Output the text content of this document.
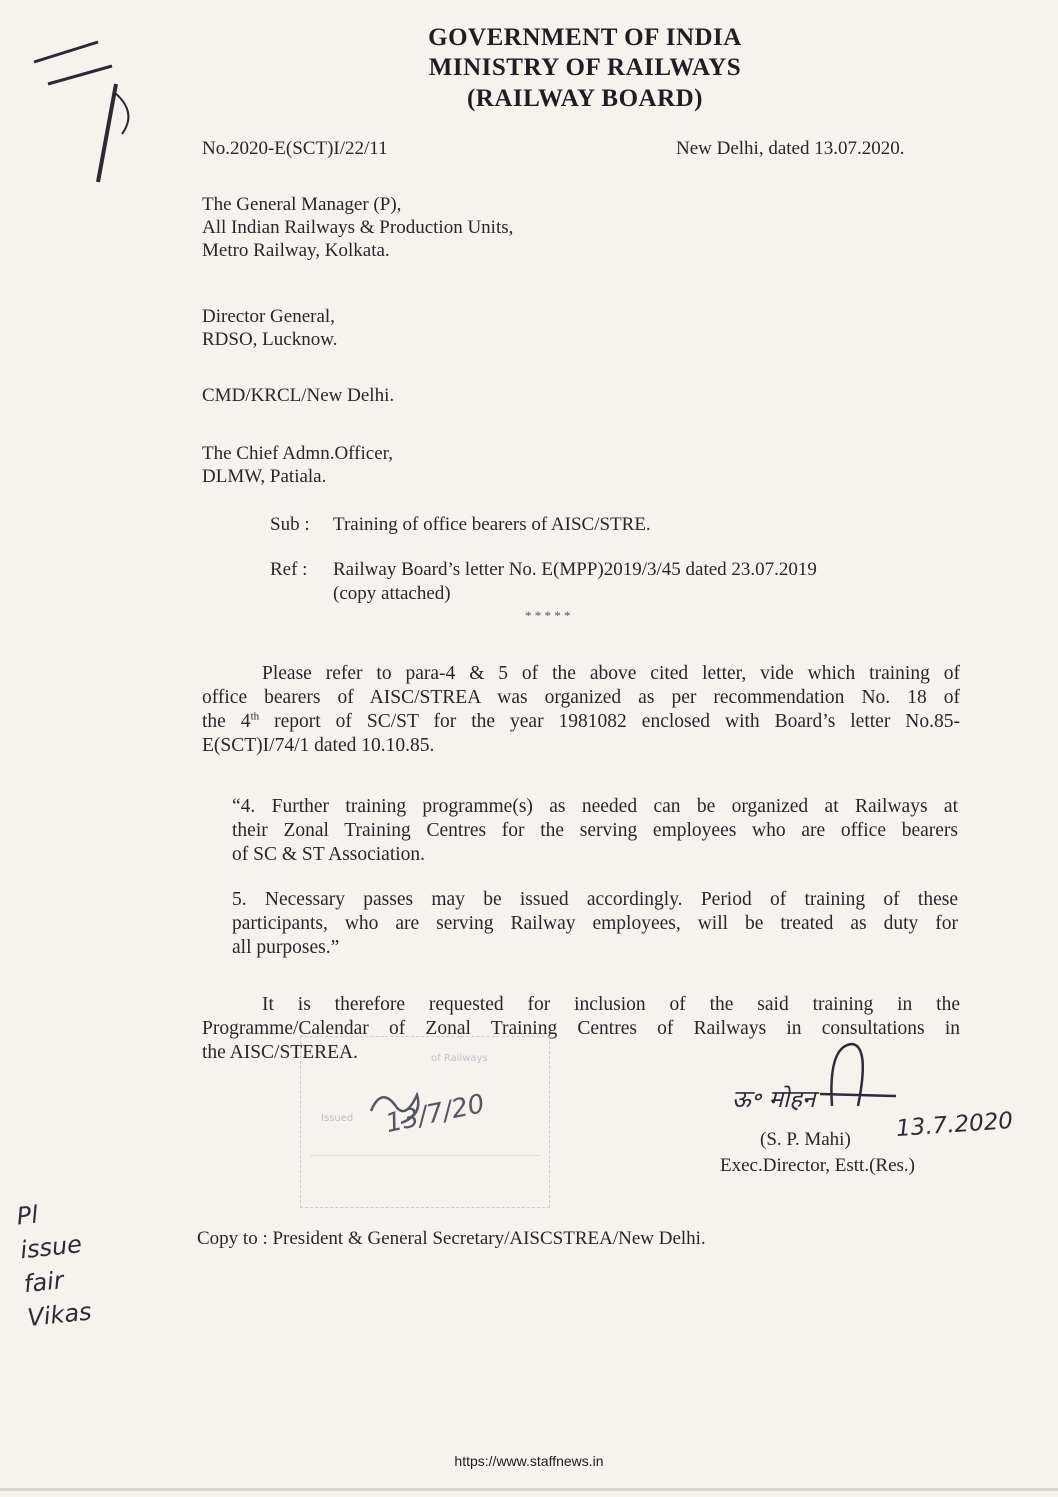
GOVERNMENT OF INDIA
MINISTRY OF RAILWAYS
(RAILWAY BOARD)
No.2020-E(SCT)I/22/11	New Delhi, dated 13.07.2020.
The General Manager (P),
All Indian Railways & Production Units,
Metro Railway, Kolkata.
Director General,
RDSO, Lucknow.
CMD/KRCL/New Delhi.
The Chief Admn.Officer,
DLMW, Patiala.
Sub : Training of office bearers of AISC/STRE.
Ref : Railway Board’s letter No. E(MPP)2019/3/45 dated 23.07.2019
(copy attached)
* * * * *
Please refer to para-4 & 5 of the above cited letter, vide which training of
office bearers of AISC/STREA was organized as per recommendation No. 18 of
the 4th report of SC/ST for the year 1981082 enclosed with Board’s letter No.85-
E(SCT)I/74/1 dated 10.10.85.
“4. Further training programme(s) as needed can be organized at Railways at
their Zonal Training Centres for the serving employees who are office bearers
of SC & ST Association.
5. Necessary passes may be issued accordingly. Period of training of these
participants, who are serving Railway employees, will be treated as duty for
all purposes.”
It is therefore requested for inclusion of the said training in the
Programme/Calendar of Zonal Training Centres of Railways in consultations in
the AISC/STEREA.	of Railways
Issued 13/7/20	ऊ॰ मोहन
13.7.2020
(S. P. Mahi)
Exec.Director, Estt.(Res.)
Copy to : President & General Secretary/AISCSTREA/New Delhi.
Pl
issue
fair
Vikas
https://www.staffnews.in
